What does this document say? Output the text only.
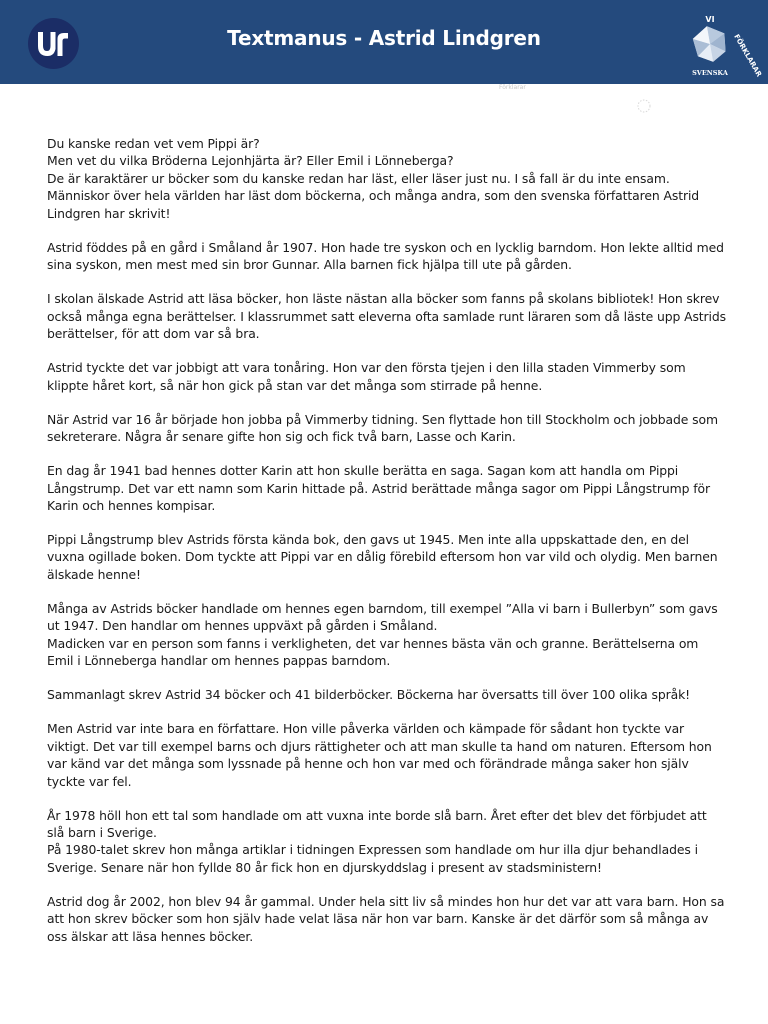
Textmanus - Astrid Lindgren
VI
FÖRKLARAR
SVENSKA
Förklarar

Du kanske redan vet vem Pippi är?
Men vet du vilka Bröderna Lejonhjärta är? Eller Emil i Lönneberga?
De är karaktärer ur böcker som du kanske redan har läst, eller läser just nu. I så fall är du inte ensam. Människor över hela världen har läst dom böckerna, och många andra, som den svenska författaren Astrid Lindgren har skrivit!

Astrid föddes på en gård i Småland år 1907. Hon hade tre syskon och en lycklig barndom. Hon lekte alltid med sina syskon, men mest med sin bror Gunnar. Alla barnen fick hjälpa till ute på gården.

I skolan älskade Astrid att läsa böcker, hon läste nästan alla böcker som fanns på skolans bibliotek! Hon skrev också många egna berättelser. I klassrummet satt eleverna ofta samlade runt läraren som då läste upp Astrids berättelser, för att dom var så bra.

Astrid tyckte det var jobbigt att vara tonåring. Hon var den första tjejen i den lilla staden Vimmerby som klippte håret kort, så när hon gick på stan var det många som stirrade på henne.

När Astrid var 16 år började hon jobba på Vimmerby tidning. Sen flyttade hon till Stockholm och jobbade som sekreterare. Några år senare gifte hon sig och fick två barn, Lasse och Karin.

En dag år 1941 bad hennes dotter Karin att hon skulle berätta en saga. Sagan kom att handla om Pippi Långstrump. Det var ett namn som Karin hittade på. Astrid berättade många sagor om Pippi Långstrump för Karin och hennes kompisar.

Pippi Långstrump blev Astrids första kända bok, den gavs ut 1945. Men inte alla uppskattade den, en del vuxna ogillade boken. Dom tyckte att Pippi var en dålig förebild eftersom hon var vild och olydig. Men barnen älskade henne!

Många av Astrids böcker handlade om hennes egen barndom, till exempel ”Alla vi barn i Bullerbyn” som gavs ut 1947. Den handlar om hennes uppväxt på gården i Småland.
Madicken var en person som fanns i verkligheten, det var hennes bästa vän och granne. Berättelserna om Emil i Lönneberga handlar om hennes pappas barndom.

Sammanlagt skrev Astrid 34 böcker och 41 bilderböcker. Böckerna har översatts till över 100 olika språk!

Men Astrid var inte bara en författare. Hon ville påverka världen och kämpade för sådant hon tyckte var viktigt. Det var till exempel barns och djurs rättigheter och att man skulle ta hand om naturen. Eftersom hon var känd var det många som lyssnade på henne och hon var med och förändrade många saker hon själv tyckte var fel.

År 1978 höll hon ett tal som handlade om att vuxna inte borde slå barn. Året efter det blev det förbjudet att slå barn i Sverige.
På 1980-talet skrev hon många artiklar i tidningen Expressen som handlade om hur illa djur behandlades i Sverige. Senare när hon fyllde 80 år fick hon en djurskyddslag i present av stadsministern!

Astrid dog år 2002, hon blev 94 år gammal. Under hela sitt liv så mindes hon hur det var att vara barn. Hon sa att hon skrev böcker som hon själv hade velat läsa när hon var barn. Kanske är det därför som så många av oss älskar att läsa hennes böcker.
